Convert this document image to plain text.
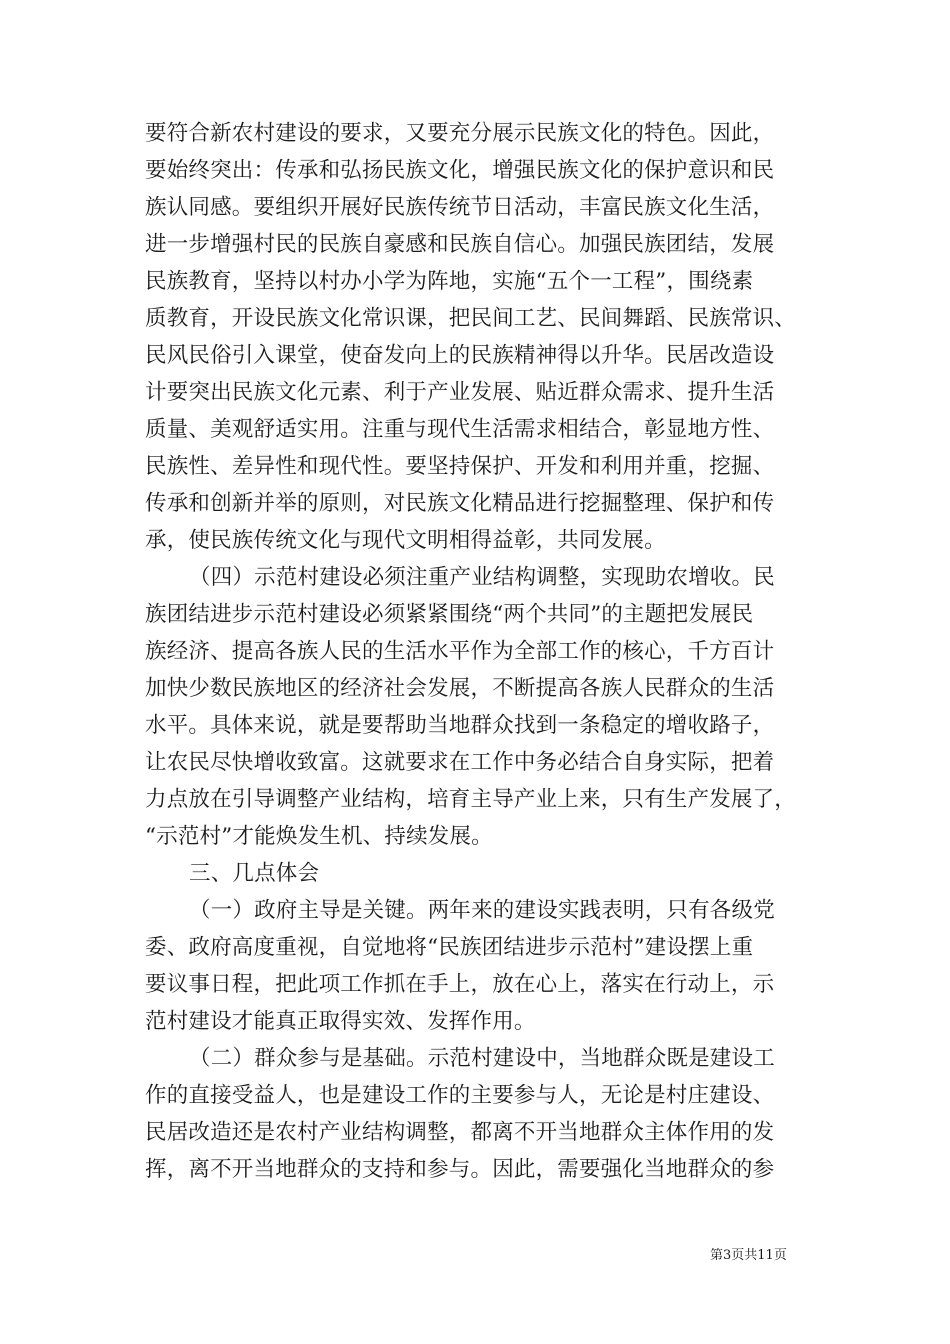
要符合新农村建设的要求，又要充分展示民族文化的特色。因此，
要始终突出：传承和弘扬民族文化，增强民族文化的保护意识和民
族认同感。要组织开展好民族传统节日活动，丰富民族文化生活，
进一步增强村民的民族自豪感和民族自信心。加强民族团结，发展
民族教育，坚持以村办小学为阵地，实施“五个一工程”，围绕素
质教育，开设民族文化常识课，把民间工艺、民间舞蹈、民族常识、
民风民俗引入课堂，使奋发向上的民族精神得以升华。民居改造设
计要突出民族文化元素、利于产业发展、贴近群众需求、提升生活
质量、美观舒适实用。注重与现代生活需求相结合，彰显地方性、
民族性、差异性和现代性。要坚持保护、开发和利用并重，挖掘、
传承和创新并举的原则，对民族文化精品进行挖掘整理、保护和传
承，使民族传统文化与现代文明相得益彰，共同发展。
（四）示范村建设必须注重产业结构调整，实现助农增收。民
族团结进步示范村建设必须紧紧围绕“两个共同”的主题把发展民
族经济、提高各族人民的生活水平作为全部工作的核心，千方百计
加快少数民族地区的经济社会发展，不断提高各族人民群众的生活
水平。具体来说，就是要帮助当地群众找到一条稳定的增收路子，
让农民尽快增收致富。这就要求在工作中务必结合自身实际，把着
力点放在引导调整产业结构，培育主导产业上来，只有生产发展了，
“示范村”才能焕发生机、持续发展。
三、几点体会
（一）政府主导是关键。两年来的建设实践表明，只有各级党
委、政府高度重视，自觉地将“民族团结进步示范村”建设摆上重
要议事日程，把此项工作抓在手上，放在心上，落实在行动上，示
范村建设才能真正取得实效、发挥作用。
（二）群众参与是基础。示范村建设中，当地群众既是建设工
作的直接受益人，也是建设工作的主要参与人，无论是村庄建设、
民居改造还是农村产业结构调整，都离不开当地群众主体作用的发
挥，离不开当地群众的支持和参与。因此，需要强化当地群众的参
第3页共11页
